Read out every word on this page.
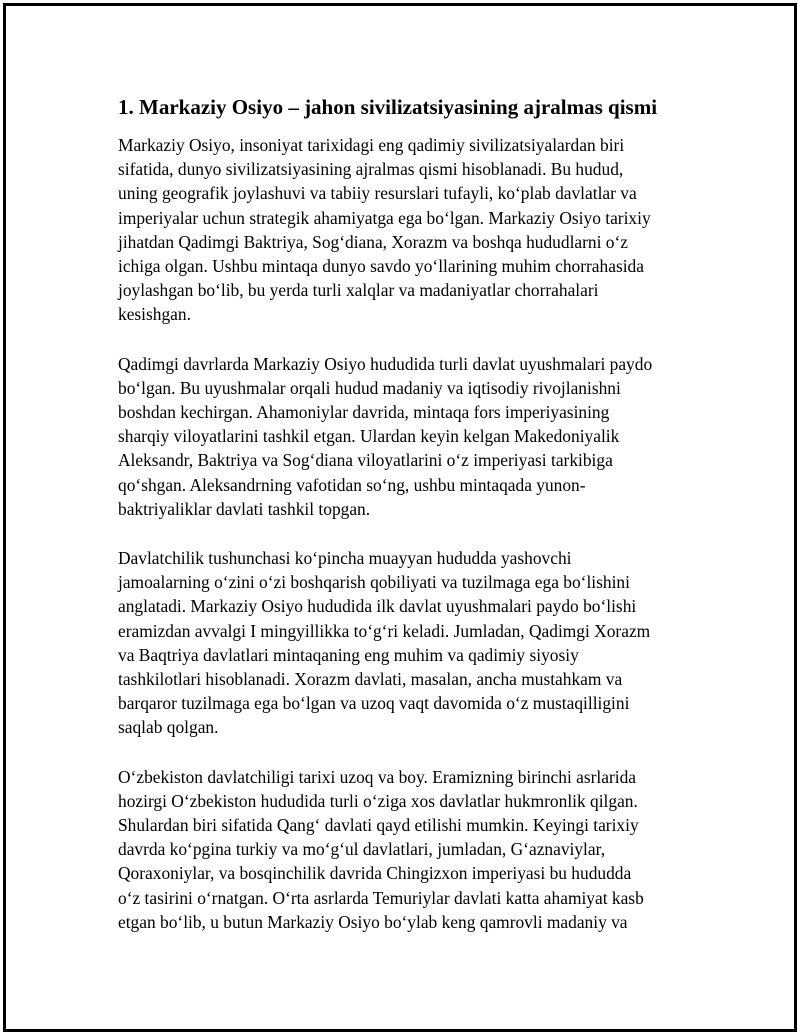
1. Markaziy Osiyo – jahon sivilizatsiyasining ajralmas qismi
Markaziy Osiyo, insoniyat tarixidagi eng qadimiy sivilizatsiyalardan biri
sifatida, dunyo sivilizatsiyasining ajralmas qismi hisoblanadi. Bu hudud,
uning geografik joylashuvi va tabiiy resurslari tufayli, ko‘plab davlatlar va
imperiyalar uchun strategik ahamiyatga ega bo‘lgan. Markaziy Osiyo tarixiy
jihatdan Qadimgi Baktriya, Sog‘diana, Xorazm va boshqa hududlarni o‘z
ichiga olgan. Ushbu mintaqa dunyo savdo yo‘llarining muhim chorrahasida
joylashgan bo‘lib, bu yerda turli xalqlar va madaniyatlar chorrahalari
kesishgan.
Qadimgi davrlarda Markaziy Osiyo hududida turli davlat uyushmalari paydo
bo‘lgan. Bu uyushmalar orqali hudud madaniy va iqtisodiy rivojlanishni
boshdan kechirgan. Ahamoniylar davrida, mintaqa fors imperiyasining
sharqiy viloyatlarini tashkil etgan. Ulardan keyin kelgan Makedoniyalik
Aleksandr, Baktriya va Sog‘diana viloyatlarini o‘z imperiyasi tarkibiga
qo‘shgan. Aleksandrning vafotidan so‘ng, ushbu mintaqada yunon-
baktriyaliklar davlati tashkil topgan.
Davlatchilik tushunchasi ko‘pincha muayyan hududda yashovchi
jamoalarning o‘zini o‘zi boshqarish qobiliyati va tuzilmaga ega bo‘lishini
anglatadi. Markaziy Osiyo hududida ilk davlat uyushmalari paydo bo‘lishi
eramizdan avvalgi I mingyillikka to‘g‘ri keladi. Jumladan, Qadimgi Xorazm
va Baqtriya davlatlari mintaqaning eng muhim va qadimiy siyosiy
tashkilotlari hisoblanadi. Xorazm davlati, masalan, ancha mustahkam va
barqaror tuzilmaga ega bo‘lgan va uzoq vaqt davomida o‘z mustaqilligini
saqlab qolgan.
O‘zbekiston davlatchiligi tarixi uzoq va boy. Eramizning birinchi asrlarida
hozirgi O‘zbekiston hududida turli o‘ziga xos davlatlar hukmronlik qilgan.
Shulardan biri sifatida Qang‘ davlati qayd etilishi mumkin. Keyingi tarixiy
davrda ko‘pgina turkiy va mo‘g‘ul davlatlari, jumladan, G‘aznaviylar,
Qoraxoniylar, va bosqinchilik davrida Chingizxon imperiyasi bu hududda
o‘z tasirini o‘rnatgan. O‘rta asrlarda Temuriylar davlati katta ahamiyat kasb
etgan bo‘lib, u butun Markaziy Osiyo bo‘ylab keng qamrovli madaniy va
